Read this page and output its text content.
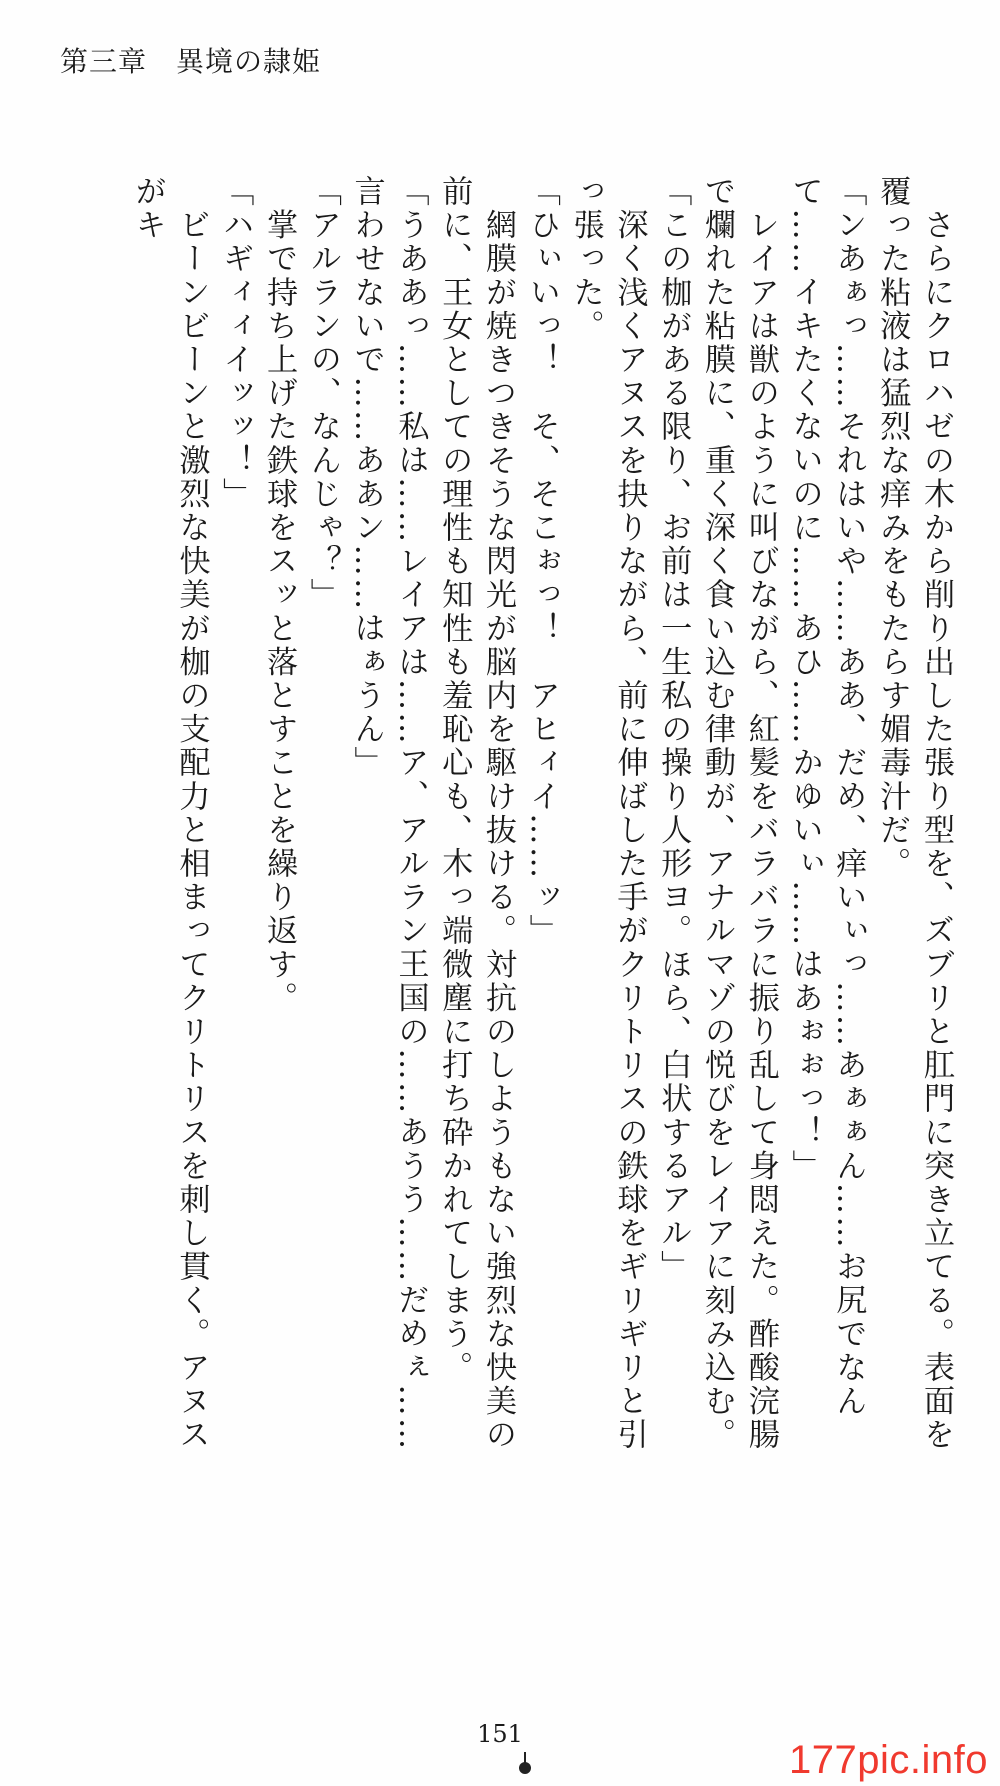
第三章　異境の隷姫

　さらにクロハゼの木から削り出した張り型を、ズブリと肛門に突き立てる。表面を覆った粘液は猛烈な痒みをもたらす媚毒汁だ。

「ンあぁっ……それはいや……ああ、だめ、痒いぃっ……あぁぁん……お尻でなんて……イキたくないのに……あひ……かゆいぃ……はあぉぉっ！」

　レイアは獣のように叫びながら、紅髪をバラバラに振り乱して身悶えた。酢酸浣腸で爛れた粘膜に、重く深く食い込む律動が、アナルマゾの悦びをレイアに刻み込む。

「この枷がある限り、お前は一生私の操り人形ヨ。ほら、白状するアル」

　深く浅くアヌスを抉りながら、前に伸ばした手がクリトリスの鉄球をギリギリと引っ張った。

「ひぃいっ！　そ、そこぉっ！　アヒィイ……ッ」

　網膜が焼きつきそうな閃光が脳内を駆け抜ける。対抗のしようもない強烈な快美の前に、王女としての理性も知性も羞恥心も、木っ端微塵に打ち砕かれてしまう。

「うああっ……私は……レイアは……ア、アルラン王国の……あうう……だめぇ……言わせないで……ああン……はぁうん」

「アルランの、なんじゃ？」

　掌で持ち上げた鉄球をスッと落とすことを繰り返す。

「ハギィィイッッ！」

　ビーンビーンと激烈な快美が枷の支配力と相まってクリトリスを刺し貫く。アヌスがキ

151
177pic.info
